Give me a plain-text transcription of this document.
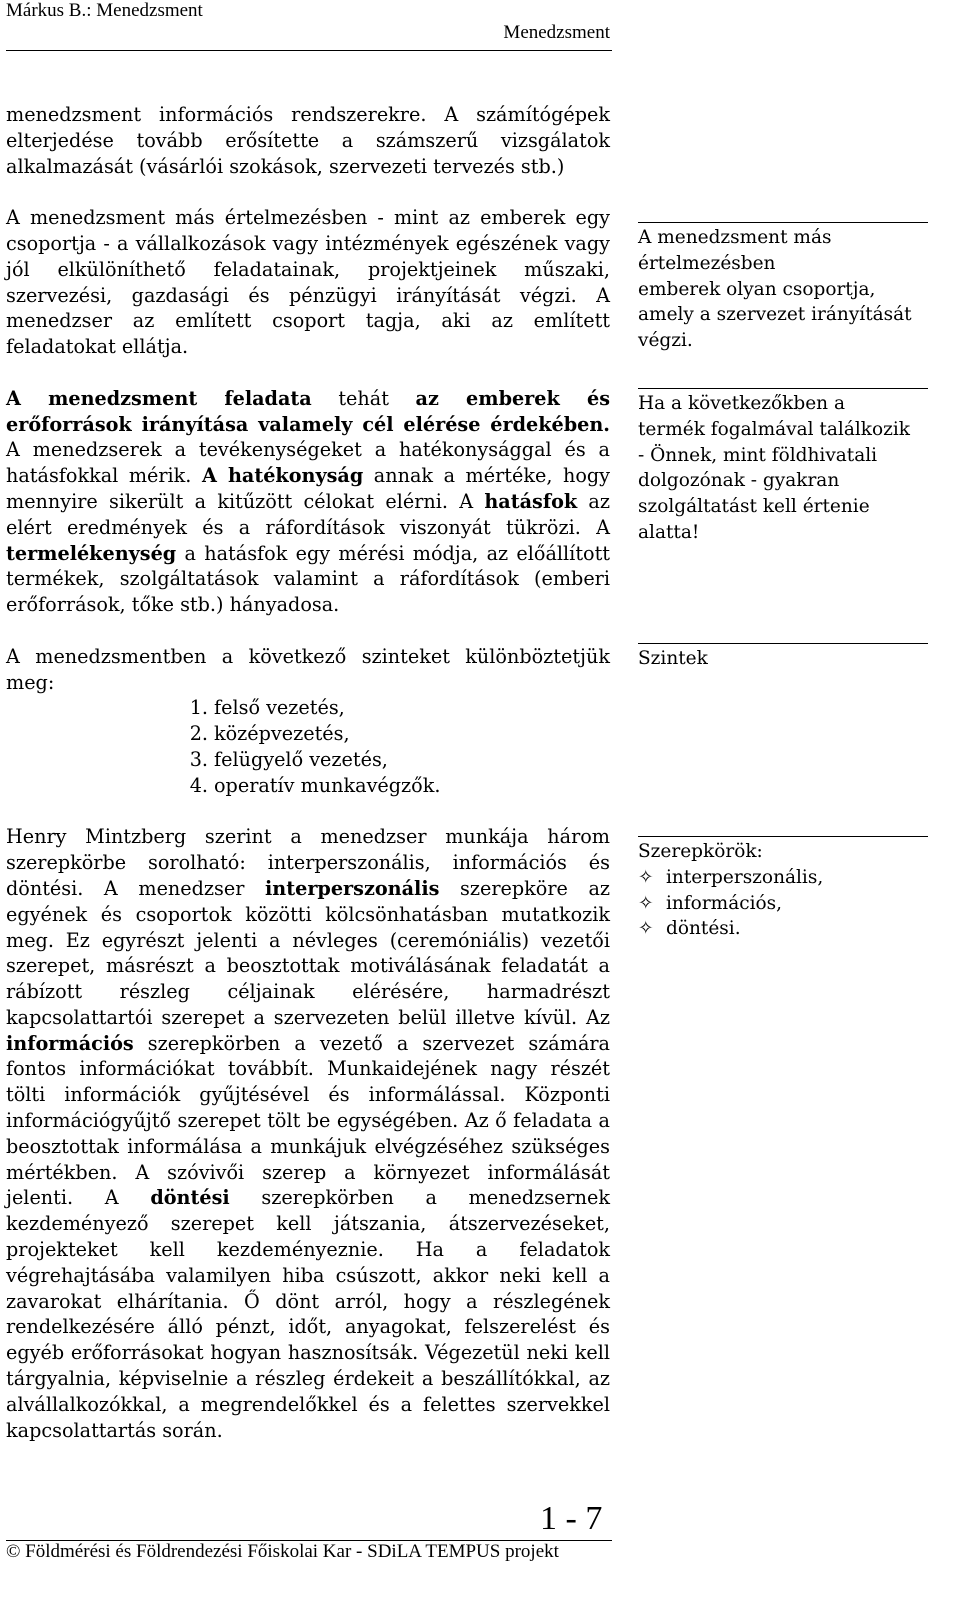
Márkus B.: Menedzsment
Menedzsment

menedzsment információs rendszerekre. A számítógépek elterjedése tovább erősítette a számszerű vizsgálatok alkalmazását (vásárlói szokások, szervezeti tervezés stb.)

A menedzsment más értelmezésben - mint az emberek egy csoportja - a vállalkozások vagy intézmények egészének vagy jól elkülöníthető feladatainak, projektjeinek műszaki, szervezési, gazdasági és pénzügyi irányítását végzi. A menedzser az említett csoport tagja, aki az említett feladatokat ellátja.

A menedzsment feladata tehát az emberek és erőforrások irányítása valamely cél elérése érdekében. A menedzserek a tevékenységeket a hatékonysággal és a hatásfokkal mérik. A hatékonyság annak a mértéke, hogy mennyire sikerült a kitűzött célokat elérni. A hatásfok az elért eredmények és a ráfordítások viszonyát tükrözi. A termelékenység a hatásfok egy mérési módja, az előállított termékek, szolgáltatások valamint a ráfordítások (emberi erőforrások, tőke stb.) hányadosa.

A menedzsmentben a következő szinteket különböztetjük meg:

1. felső vezetés,
2. középvezetés,
3. felügyelő vezetés,
4. operatív munkavégzők.

Henry Mintzberg szerint a menedzser munkája három szerepkörbe sorolható: interperszonális, információs és döntési. A menedzser interperszonális szerepköre az egyének és csoportok közötti kölcsönhatásban mutatkozik meg. Ez egyrészt jelenti a névleges (ceremóniális) vezetői szerepet, másrészt a beosztottak motiválásának feladatát a rábízott részleg céljainak elérésére, harmadrészt kapcsolattartói szerepet a szervezeten belül illetve kívül. Az információs szerepkörben a vezető a szervezet számára fontos információkat továbbít. Munkaidejének nagy részét tölti információk gyűjtésével és informálással. Központi információgyűjtő szerepet tölt be egységében. Az ő feladata a beosztottak informálása a munkájuk elvégzéséhez szükséges mértékben. A szóvivői szerep a környezet informálását jelenti. A döntési szerepkörben a menedzsernek kezdeményező szerepet kell játszania, átszervezéseket, projekteket kell kezdeményeznie. Ha a feladatok végrehajtásába valamilyen hiba csúszott, akkor neki kell a zavarokat elhárítania. Ő dönt arról, hogy a részlegének rendelkezésére álló pénzt, időt, anyagokat, felszerelést és egyéb erőforrásokat hogyan hasznosítsák. Végezetül neki kell tárgyalnia, képviselnie a részleg érdekeit a beszállítókkal, az alvállalkozókkal, a megrendelőkkel és a felettes szervekkel kapcsolattartás során.

A menedzsment más
értelmezésben
emberek olyan csoportja,
amely a szervezet irányítását
végzi.
Ha a következőkben a
termék fogalmával találkozik
- Önnek, mint földhivatali
dolgozónak - gyakran
szolgáltatást kell értenie
alatta!
Szintek
Szerepkörök:
✧ interperszonális,
✧ információs,
✧ döntési.
1 - 7
© Földmérési és Földrendezési Főiskolai Kar - SDiLA TEMPUS projekt
